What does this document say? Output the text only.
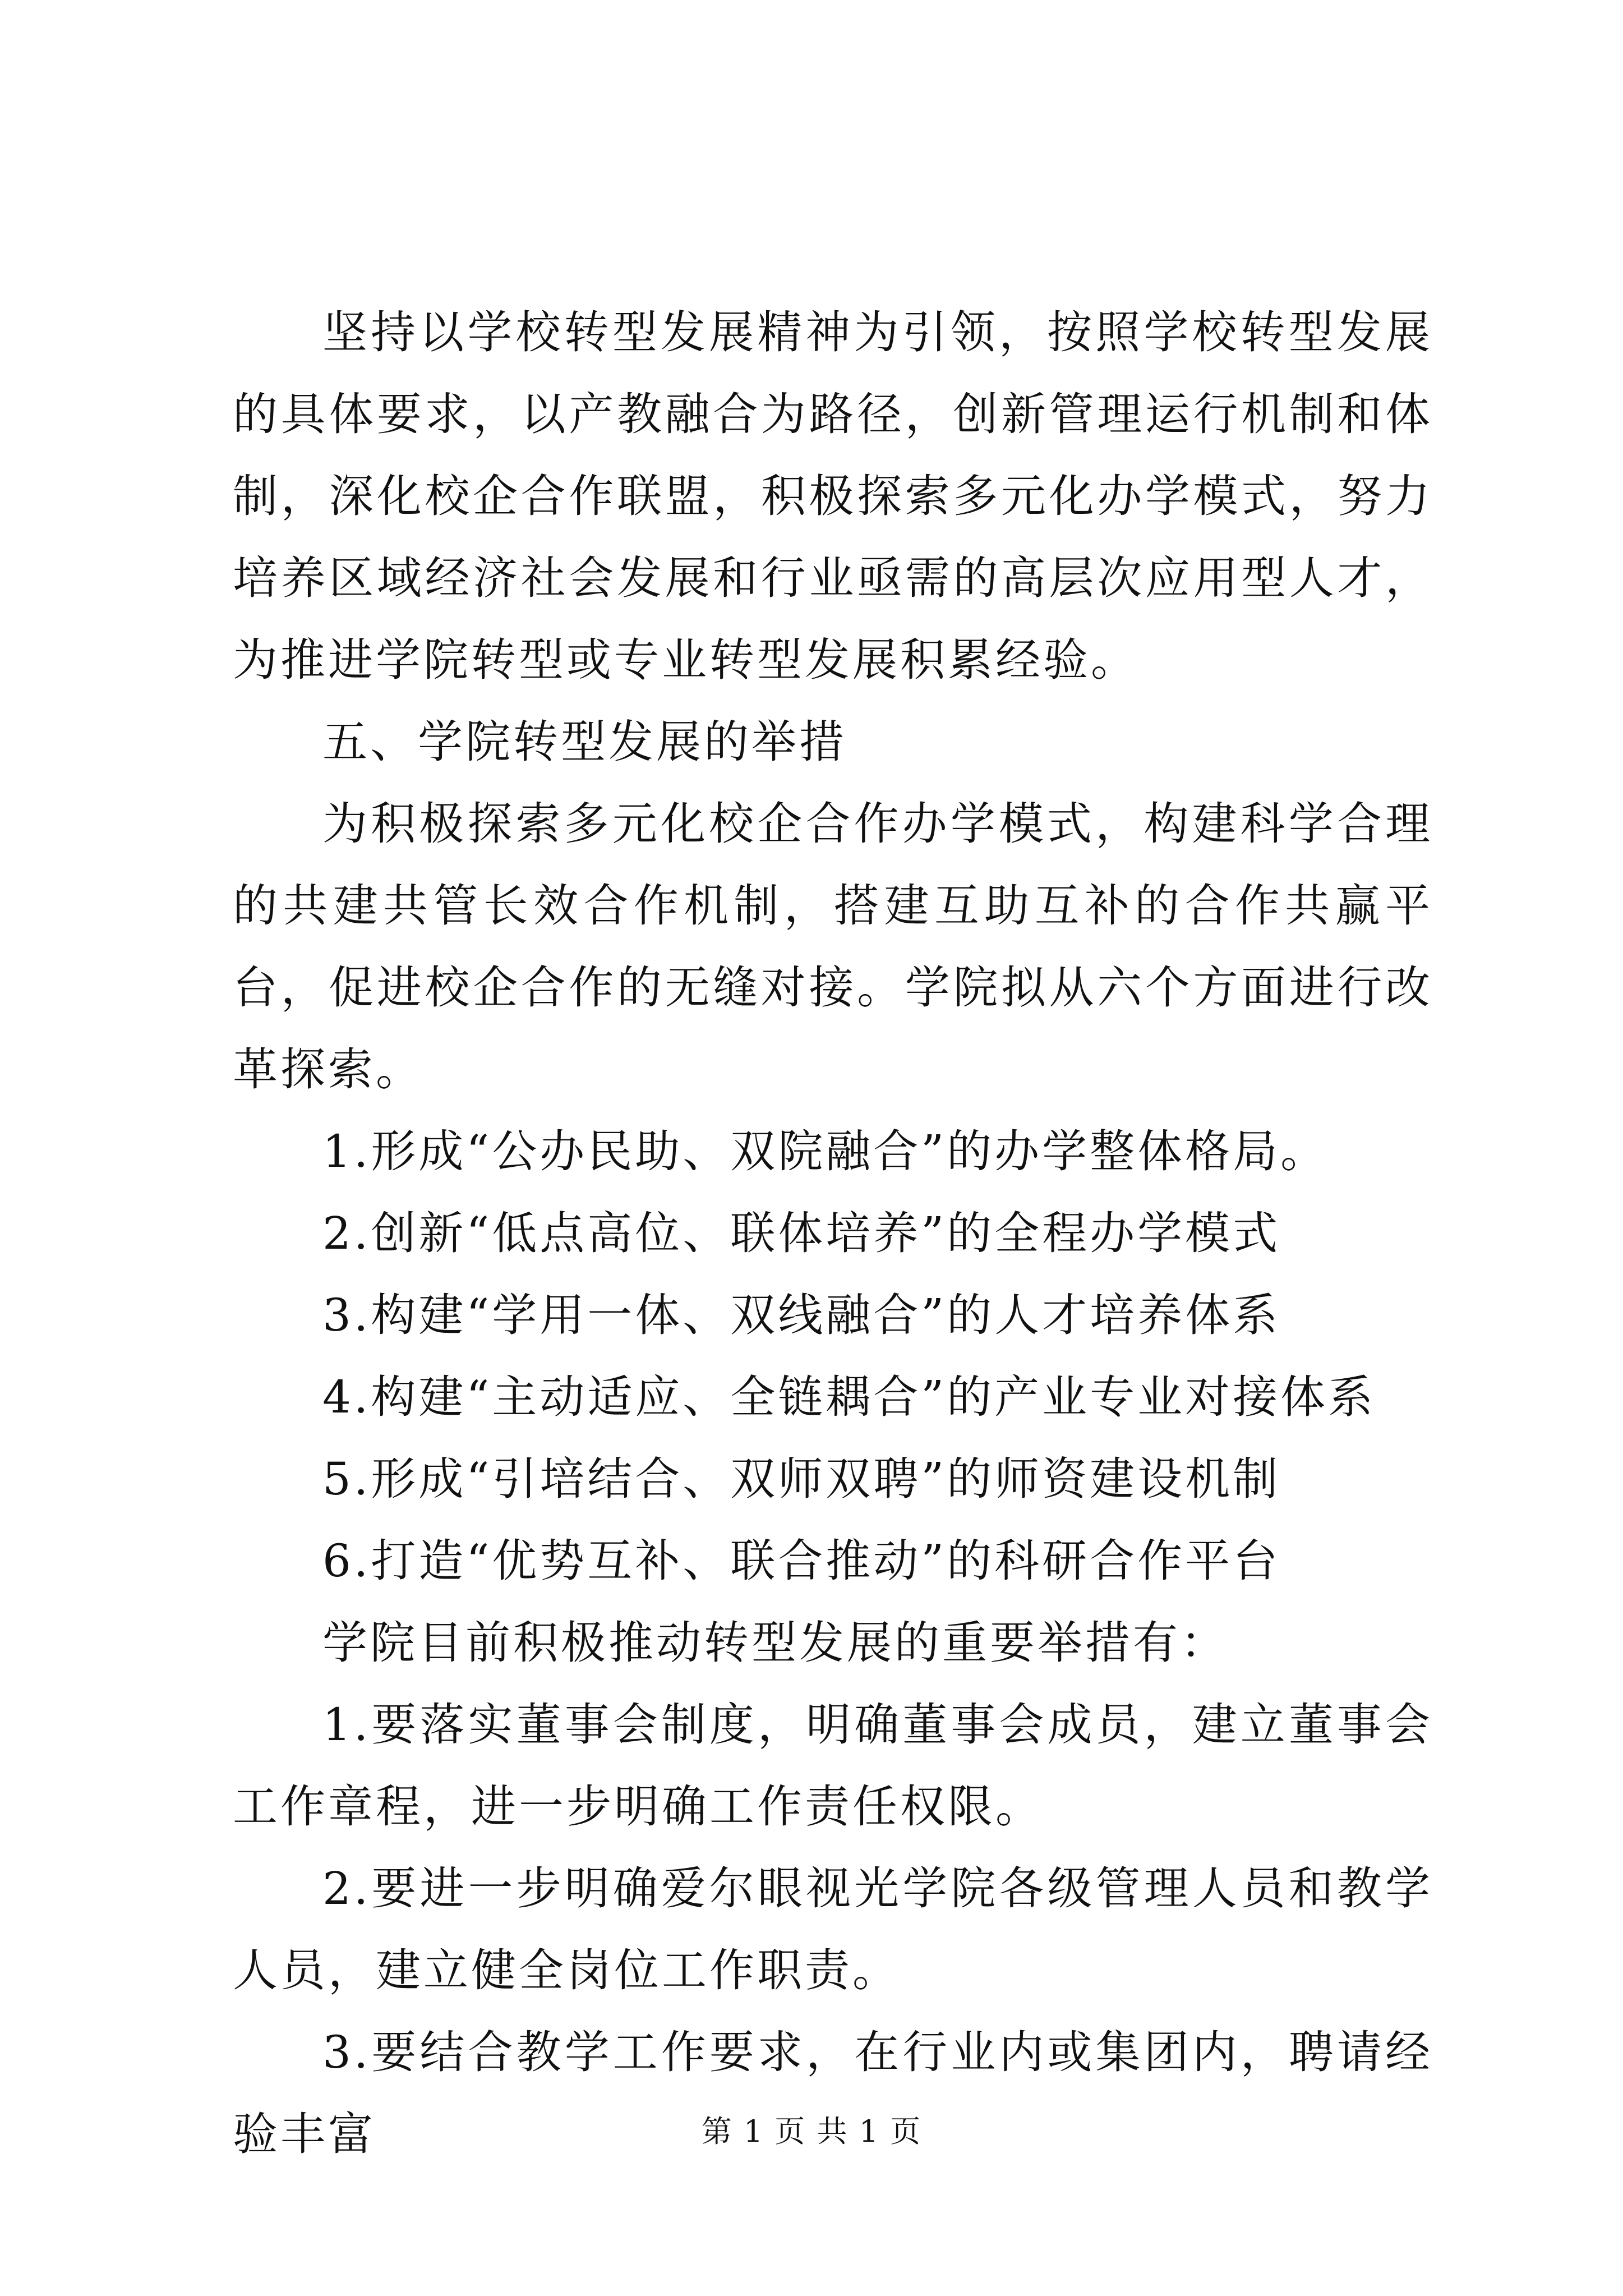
坚持以学校转型发展精神为引领，按照学校转型发展的具体要求，以产教融合为路径，创新管理运行机制和体制，深化校企合作联盟，积极探索多元化办学模式，努力培养区域经济社会发展和行业亟需的高层次应用型人才，为推进学院转型或专业转型发展积累经验。

五、学院转型发展的举措

为积极探索多元化校企合作办学模式，构建科学合理的共建共管长效合作机制，搭建互助互补的合作共赢平台，促进校企合作的无缝对接。学院拟从六个方面进行改革探索。

1.形成“公办民助、双院融合”的办学整体格局。

2.创新“低点高位、联体培养”的全程办学模式

3.构建“学用一体、双线融合”的人才培养体系

4.构建“主动适应、全链耦合”的产业专业对接体系

5.形成“引培结合、双师双聘”的师资建设机制

6.打造“优势互补、联合推动”的科研合作平台

学院目前积极推动转型发展的重要举措有：

1.要落实董事会制度，明确董事会成员，建立董事会工作章程，进一步明确工作责任权限。

2.要进一步明确爱尔眼视光学院各级管理人员和教学人员，建立健全岗位工作职责。

3.要结合教学工作要求，在行业内或集团内，聘请经验丰富	第 1 页 共 1 页
